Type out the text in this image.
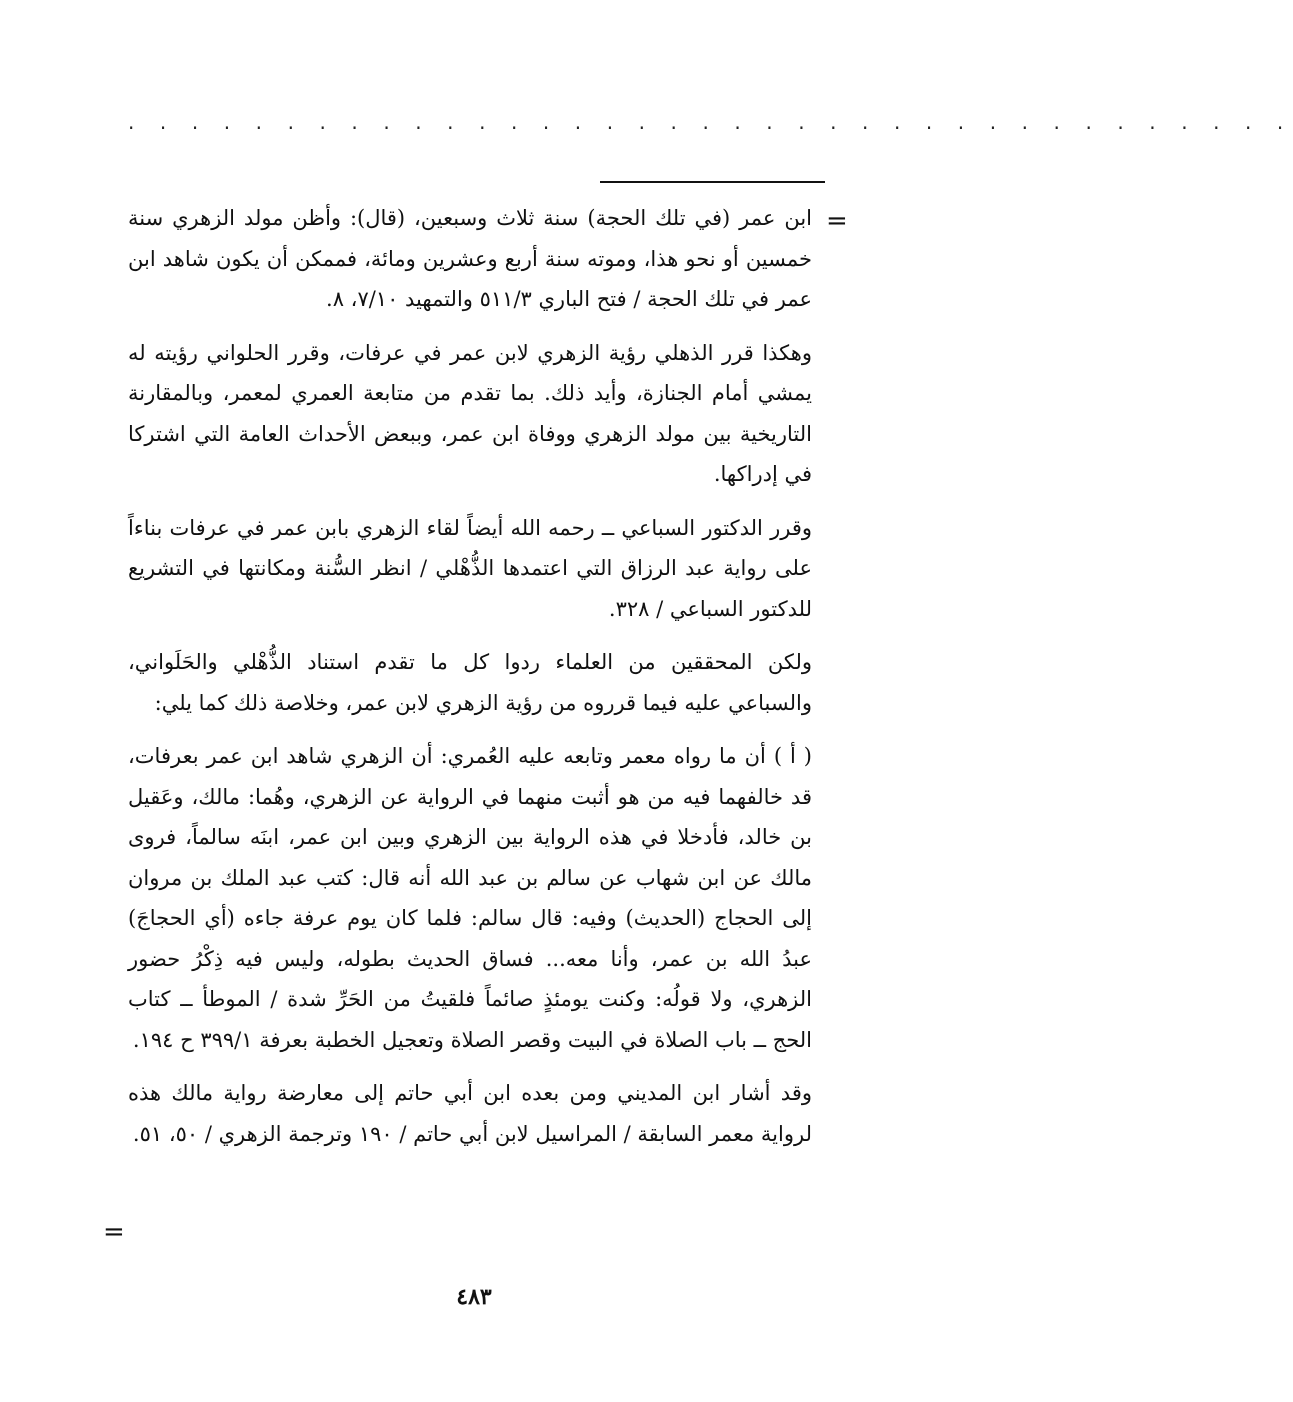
. . . . . . . . . . . . . . . . . . . . . . . . . . . . . . . . . . . . .
=

ابن عمر (في تلك الحجة) سنة ثلاث وسبعين، (قال): وأظن مولد الزهري سنة خمسين أو نحو هذا، وموته سنة أربع وعشرين ومائة، فممكن أن يكون شاهد ابن عمر في تلك الحجة / فتح الباري ٥١١/٣ والتمهيد ٧/١٠، ٨.

وهكذا قرر الذهلي رؤية الزهري لابن عمر في عرفات، وقرر الحلواني رؤيته له يمشي أمام الجنازة، وأيد ذلك. بما تقدم من متابعة العمري لمعمر، وبالمقارنة التاريخية بين مولد الزهري ووفاة ابن عمر، وببعض الأحداث العامة التي اشتركا في إدراكها.

وقرر الدكتور السباعي ــ رحمه الله أيضاً لقاء الزهري بابن عمر في عرفات بناءاً على رواية عبد الرزاق التي اعتمدها الذُّهْلي / انظر السُّنة ومكانتها في التشريع للدكتور السباعي / ٣٢٨.

ولكن المحققين من العلماء ردوا كل ما تقدم استناد الذُّهْلي والحَلَواني، والسباعي عليه فيما قرروه من رؤية الزهري لابن عمر، وخلاصة ذلك كما يلي:

( أ ) أن ما رواه معمر وتابعه عليه العُمري: أن الزهري شاهد ابن عمر بعرفات، قد خالفهما فيه من هو أثبت منهما في الرواية عن الزهري، وهُما: مالك، وعَقيل بن خالد، فأدخلا في هذه الرواية بين الزهري وبين ابن عمر، ابنَه سالماً، فروى مالك عن ابن شهاب عن سالم بن عبد الله أنه قال: كتب عبد الملك بن مروان إلى الحجاج (الحديث) وفيه: قال سالم: فلما كان يوم عرفة جاءه (أي الحجاجَ) عبدُ الله بن عمر، وأنا معه... فساق الحديث بطوله، وليس فيه ذِكْرُ حضور الزهري، ولا قولُه: وكنت يومئذٍ صائماً فلقيتُ من الحَرِّ شدة / الموطأ ــ كتاب الحج ــ باب الصلاة في البيت وقصر الصلاة وتعجيل الخطبة بعرفة ٣٩٩/١ ح ١٩٤.

وقد أشار ابن المديني ومن بعده ابن أبي حاتم إلى معارضة رواية مالك هذه لرواية معمر السابقة / المراسيل لابن أبي حاتم / ١٩٠ وترجمة الزهري / ٥٠، ٥١.

=
٤٨٣
